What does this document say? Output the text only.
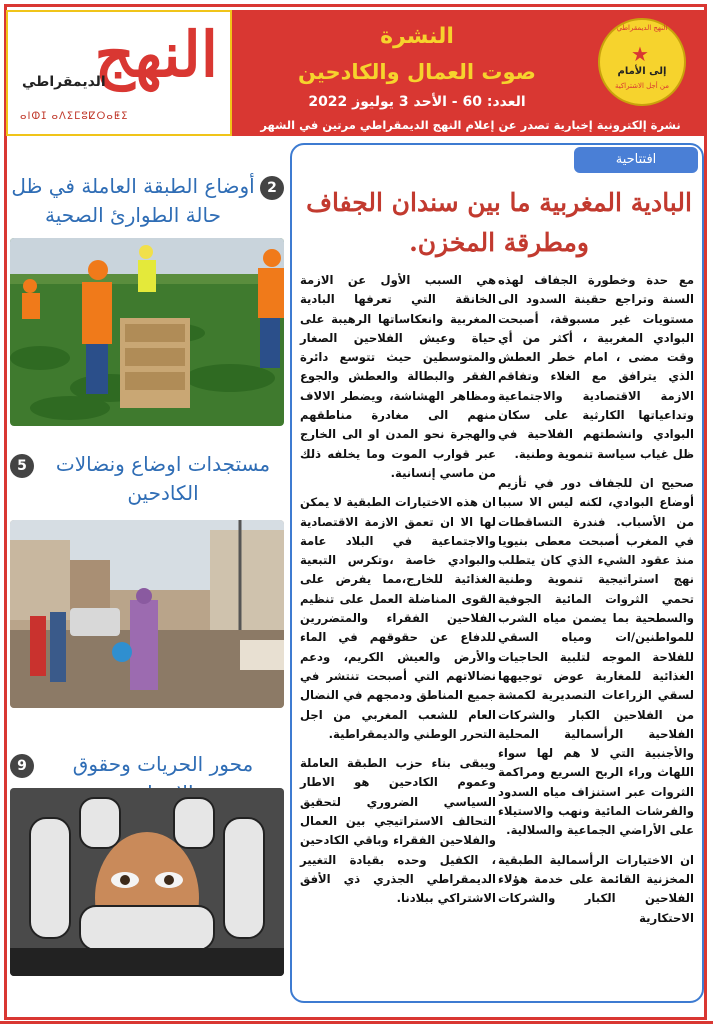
النهج
الديمقراطي
ⴰⵏⵀⵊ ⴰⴷⵉⵎⵓⵇⵔⴰⵟⵉ
النشرة
صوت العمال والكادحين
العدد: 60 - الأحد 3 يوليوز 2022
نشرة إلكترونية إخبارية تصدر عن إعلام النهج الديمقراطي مرتين في الشهر
النهج الديمقراطي
★
إلى الأمام
من أجل الاشتراكية
2
أوضاع الطبقة العاملة في ظل حالة الطوارئ الصحية
5	مستجدات اوضاع ونضالات الكادحين
9	محور الحريات وحقوق
افتتاحية
البادية المغربية ما بين سندان الجفاف ومطرقة المخزن.

مع حدة وخطورة الجفاف لهذه السنة وتراجع حقينة السدود الى مستويات غير مسبوقة، أصبحت البوادي المغربية ، أكثر من أي وقت مضى ، امام خطر العطش الذي يترافق مع الغلاء وتفاقم الازمة الاقتصادية والاجتماعية وتداعياتها الكارثية على سكان البوادي وانشطتهم الفلاحية في ظل غياب سياسة تنموية وطنية.

صحيح ان للجفاف دور في تأزيم أوضاع البوادي، لكنه ليس الا سببا من الأسباب. فندرة التساقطات في المغرب أصبحت معطى بنيويا منذ عقود الشيء الذي كان يتطلب نهج استراتيجية تنموية وطنية تحمي الثروات المائية الجوفية والسطحية بما يضمن مياه الشرب للمواطنين/ات ومياه السقي للفلاحة الموجه لتلبية الحاجيات الغذائية للمغاربة عوض توجيهها لسقي الزراعات التصديرية لكمشة من الفلاحين الكبار والشركات الفلاحية الرأسمالية المحلية والأجنبية التي لا هم لها سواء اللهاث وراء الربح السريع ومراكمة الثروات عبر استنزاف مياه السدود والفرشات المائية ونهب والاستيلاء على الأراضي الجماعية والسلالية.

ان الاختيارات الرأسمالية الطبقية المخزنية القائمة على خدمة هؤلاء الفلاحين الكبار والشركات الاحتكارية

هي السبب الأول عن الازمة الخانقة التي تعرفها البادية المغربية وانعكاساتها الرهيبة على حياة وعيش الفلاحين الصغار والمتوسطين حيث تتوسع دائرة الفقر والبطالة والعطش والجوع ومظاهر الهشاشة، ويضطر الالاف منهم الى مغادرة مناطقهم والهجرة نحو المدن او الى الخارج عبر قوارب الموت وما يخلفه ذلك من ماسي إنسانية.

ان هذه الاختيارات الطبقية لا يمكن لها الا ان تعمق الازمة الاقتصادية والاجتماعية في البلاد عامة والبوادي خاصة ،وتكرس التبعية الغذائية للخارج،مما يفرض على القوى المناضلة العمل على تنظيم الفلاحين الفقراء والمتضررين للدفاع عن حقوقهم في الماء والأرض والعيش الكريم، ودعم نضالاتهم التي أصبحت تنتشر في جميع المناطق ودمجهم في النضال العام للشعب المغربي من اجل التحرر الوطني والديمقراطية.

ويبقى بناء حزب الطبقة العاملة وعموم الكادحين هو الاطار السياسي الضروري لتحقيق التحالف الاستراتيجي بين العمال والفلاحين الفقراء وباقي الكادحين ، الكفيل وحده بقيادة التغيير الديمقراطي الجذري ذي الأفق الاشتراكي ببلادنا.
